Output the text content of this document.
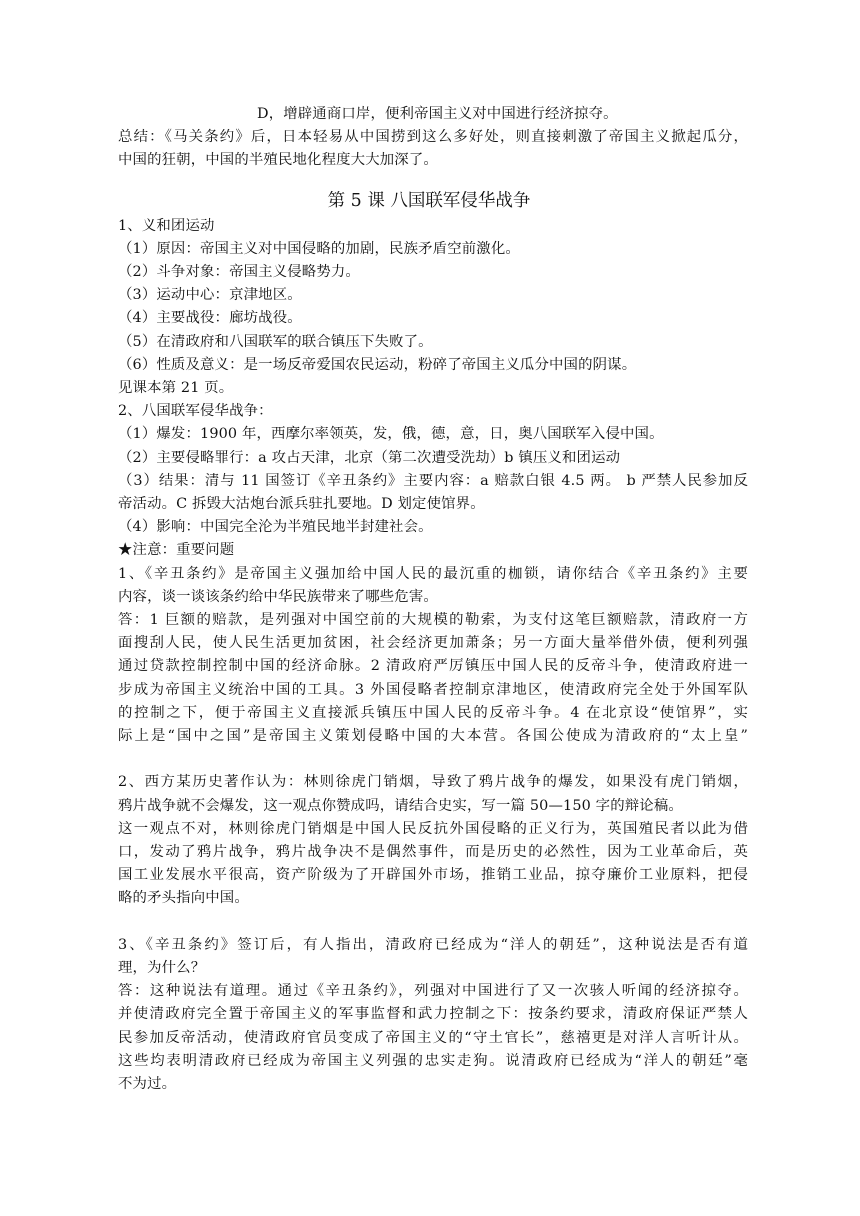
D，增辟通商口岸，便利帝国主义对中国进行经济掠夺。
总结：《马关条约》后，日本轻易从中国捞到这么多好处，则直接刺激了帝国主义掀起瓜分，
中国的狂朝，中国的半殖民地化程度大大加深了。
第 5 课 八国联军侵华战争
1、义和团运动
（1）原因：帝国主义对中国侵略的加剧，民族矛盾空前激化。
（2）斗争对象：帝国主义侵略势力。
（3）运动中心：京津地区。
（4）主要战役：廊坊战役。
（5）在清政府和八国联军的联合镇压下失败了。
（6）性质及意义：是一场反帝爱国农民运动，粉碎了帝国主义瓜分中国的阴谋。
见课本第 21 页。
2、八国联军侵华战争：
（1）爆发：1900 年，西摩尔率领英，发，俄，德，意，日，奥八国联军入侵中国。
（2）主要侵略罪行：a 攻占天津，北京（第二次遭受洗劫）b 镇压义和团运动
（3）结果：清与 11 国签订《辛丑条约》主要内容：a 赔款白银 4.5 两。 b 严禁人民参加反
帝活动。C 拆毁大沽炮台派兵驻扎要地。D 划定使馆界。
（4）影响：中国完全沦为半殖民地半封建社会。
★注意：重要问题
1、《辛丑条约》是帝国主义强加给中国人民的最沉重的枷锁，请你结合《辛丑条约》主要
内容，谈一谈该条约给中华民族带来了哪些危害。
答：1 巨额的赔款，是列强对中国空前的大规模的勒索，为支付这笔巨额赔款，清政府一方
面搜刮人民，使人民生活更加贫困，社会经济更加萧条；另一方面大量举借外债，便利列强
通过贷款控制控制中国的经济命脉。2 清政府严厉镇压中国人民的反帝斗争，使清政府进一
步成为帝国主义统治中国的工具。3 外国侵略者控制京津地区，使清政府完全处于外国军队
的控制之下，便于帝国主义直接派兵镇压中国人民的反帝斗争。4 在北京设“使馆界”，实
际上是“国中之国”是帝国主义策划侵略中国的大本营。各国公使成为清政府的“太上皇”
2、西方某历史著作认为：林则徐虎门销烟，导致了鸦片战争的爆发，如果没有虎门销烟，
鸦片战争就不会爆发，这一观点你赞成吗，请结合史实，写一篇 50—150 字的辩论稿。
这一观点不对，林则徐虎门销烟是中国人民反抗外国侵略的正义行为，英国殖民者以此为借
口，发动了鸦片战争，鸦片战争决不是偶然事件，而是历史的必然性，因为工业革命后，英
国工业发展水平很高，资产阶级为了开辟国外市场，推销工业品，掠夺廉价工业原料，把侵
略的矛头指向中国。
3、《辛丑条约》签订后，有人指出，清政府已经成为“洋人的朝廷”，这种说法是否有道
理，为什么？
答：这种说法有道理。通过《辛丑条约》，列强对中国进行了又一次骇人听闻的经济掠夺。
并使清政府完全置于帝国主义的军事监督和武力控制之下：按条约要求，清政府保证严禁人
民参加反帝活动，使清政府官员变成了帝国主义的“守土官长”，慈禧更是对洋人言听计从。
这些均表明清政府已经成为帝国主义列强的忠实走狗。说清政府已经成为“洋人的朝廷”毫
不为过。
